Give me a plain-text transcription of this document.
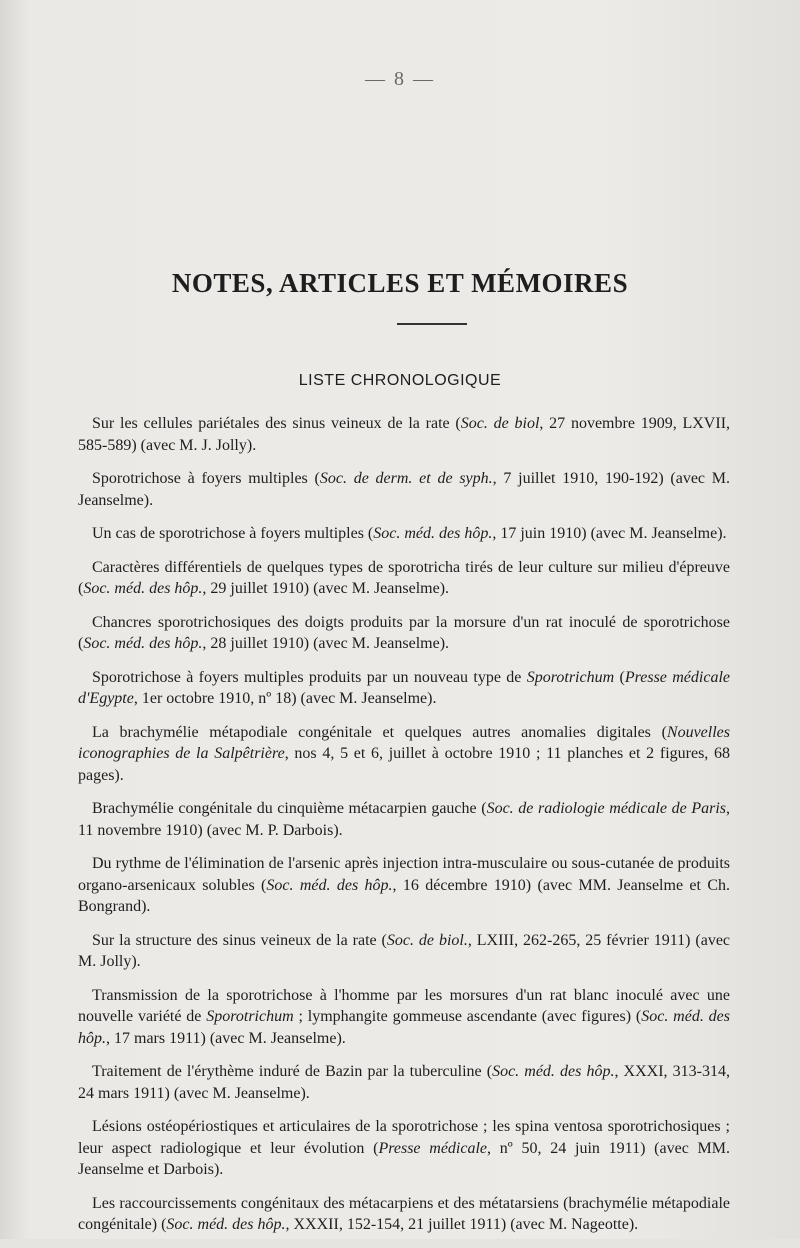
— 8 —
NOTES, ARTICLES ET MÉMOIRES
LISTE CHRONOLOGIQUE

Sur les cellules pariétales des sinus veineux de la rate (Soc. de biol, 27 novembre 1909, LXVII, 585-589) (avec M. J. Jolly).

Sporotrichose à foyers multiples (Soc. de derm. et de syph., 7 juillet 1910, 190-192) (avec M. Jeanselme).

Un cas de sporotrichose à foyers multiples (Soc. méd. des hôp., 17 juin 1910) (avec M. Jeanselme).

Caractères différentiels de quelques types de sporotricha tirés de leur culture sur milieu d'épreuve (Soc. méd. des hôp., 29 juillet 1910) (avec M. Jeanselme).

Chancres sporotrichosiques des doigts produits par la morsure d'un rat inoculé de sporotrichose (Soc. méd. des hôp., 28 juillet 1910) (avec M. Jeanselme).

Sporotrichose à foyers multiples produits par un nouveau type de Sporotrichum (Presse médicale d'Egypte, 1er octobre 1910, nº 18) (avec M. Jeanselme).

La brachymélie métapodiale congénitale et quelques autres anomalies digitales (Nouvelles iconographies de la Salpêtrière, nos 4, 5 et 6, juillet à octobre 1910 ; 11 planches et 2 figures, 68 pages).

Brachymélie congénitale du cinquième métacarpien gauche (Soc. de radiologie médicale de Paris, 11 novembre 1910) (avec M. P. Darbois).

Du rythme de l'élimination de l'arsenic après injection intra-musculaire ou sous-cutanée de produits organo-arsenicaux solubles (Soc. méd. des hôp., 16 décembre 1910) (avec MM. Jeanselme et Ch. Bongrand).

Sur la structure des sinus veineux de la rate (Soc. de biol., LXIII, 262-265, 25 février 1911) (avec M. Jolly).

Transmission de la sporotrichose à l'homme par les morsures d'un rat blanc inoculé avec une nouvelle variété de Sporotrichum ; lymphangite gommeuse ascendante (avec figures) (Soc. méd. des hôp., 17 mars 1911) (avec M. Jeanselme).

Traitement de l'érythème induré de Bazin par la tuberculine (Soc. méd. des hôp., XXXI, 313-314, 24 mars 1911) (avec M. Jeanselme).

Lésions ostéopériostiques et articulaires de la sporotrichose ; les spina ventosa sporotrichosiques ; leur aspect radiologique et leur évolution (Presse médicale, nº 50, 24 juin 1911) (avec MM. Jeanselme et Darbois).

Les raccourcissements congénitaux des métacarpiens et des métatarsiens (brachymélie métapodiale congénitale) (Soc. méd. des hôp., XXXII, 152-154, 21 juillet 1911) (avec M. Nageotte).
